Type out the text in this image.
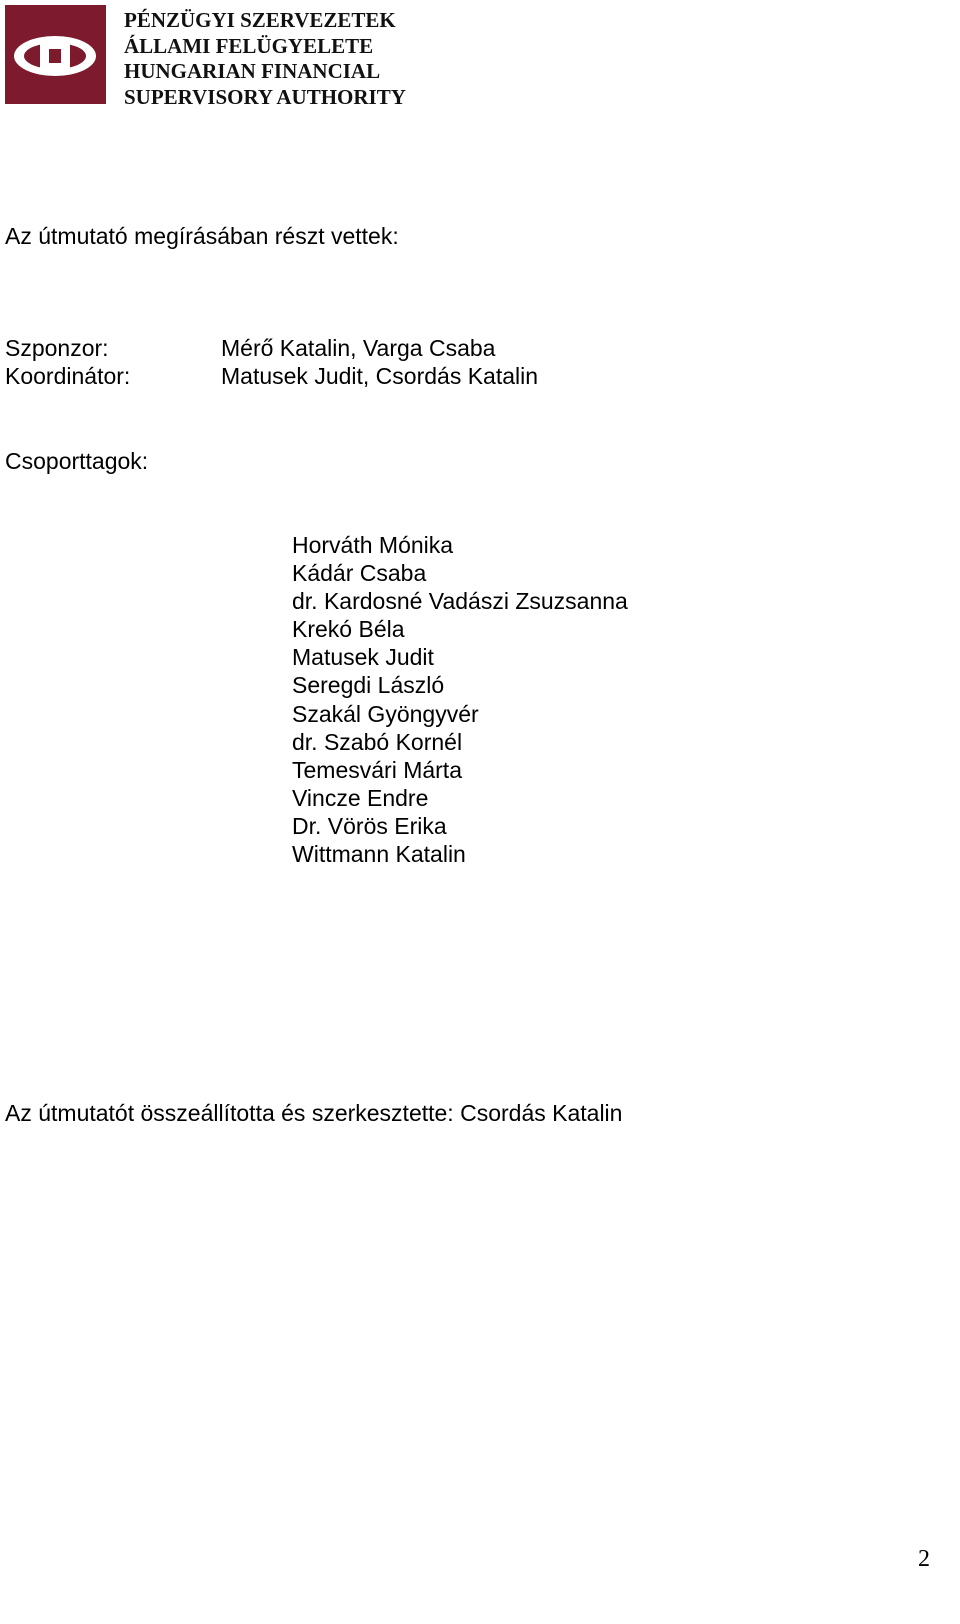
PÉNZÜGYI SZERVEZETEK
ÁLLAMI FELÜGYELETE
HUNGARIAN FINANCIAL
SUPERVISORY AUTHORITY
Az útmutató megírásában részt vettek:
Szponzor:	Mérő Katalin, Varga Csaba
Koordinátor:	Matusek Judit, Csordás Katalin
Csoporttagok:
Horváth Mónika
Kádár Csaba
dr. Kardosné Vadászi Zsuzsanna
Krekó Béla
Matusek Judit
Seregdi László
Szakál Gyöngyvér
dr. Szabó Kornél
Temesvári Márta
Vincze Endre
Dr. Vörös Erika
Wittmann Katalin
Az útmutatót összeállította és szerkesztette: Csordás Katalin
2
